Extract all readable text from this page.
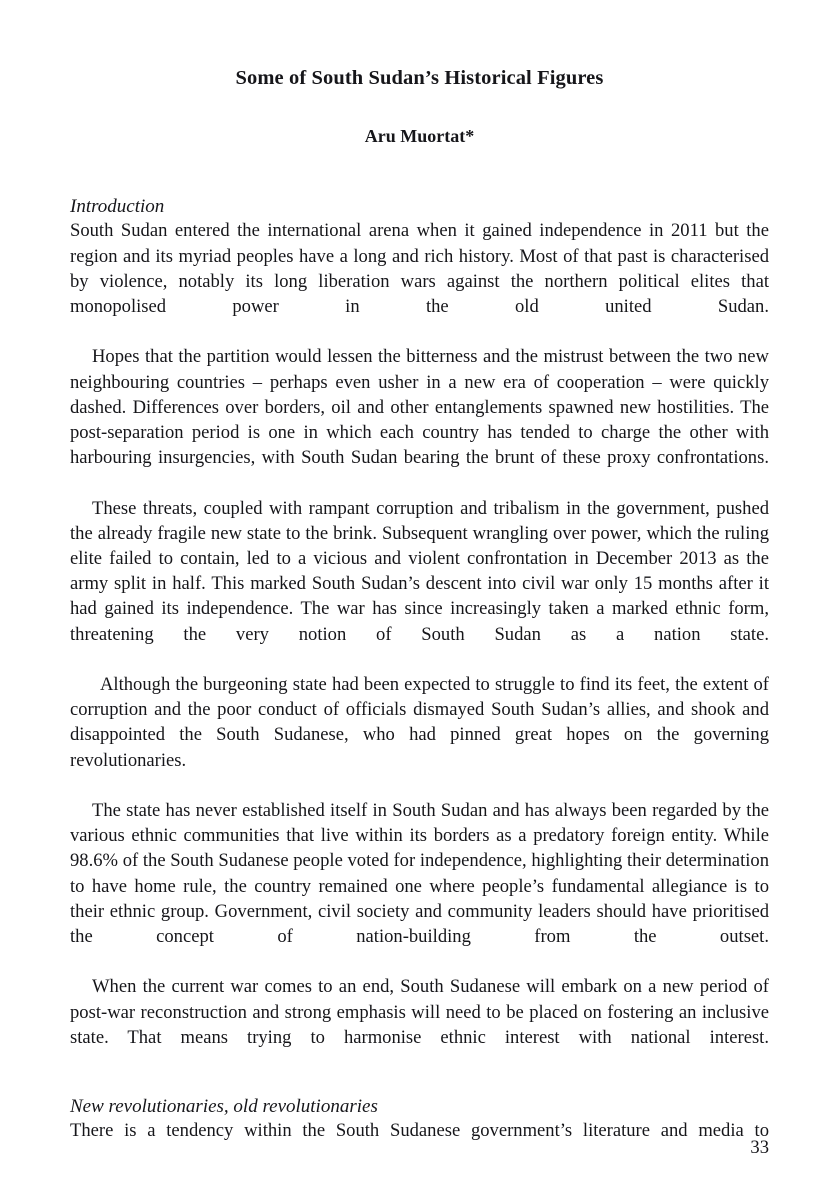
Some of South Sudan’s Historical Figures
Aru Muortat*
Introduction

South Sudan entered the international arena when it gained independence in 2011 but the region and its myriad peoples have a long and rich history. Most of that past is characterised by violence, notably its long liberation wars against the northern political elites that monopolised power in the old united Sudan.

Hopes that the partition would lessen the bitterness and the mistrust between the two new neighbouring countries – perhaps even usher in a new era of cooperation – were quickly dashed. Differences over borders, oil and other entanglements spawned new hostilities. The post-separation period is one in which each country has tended to charge the other with harbouring insurgencies, with South Sudan bearing the brunt of these proxy confrontations.

These threats, coupled with rampant corruption and tribalism in the government, pushed the already fragile new state to the brink. Subsequent wrangling over power, which the ruling elite failed to contain, led to a vicious and violent confrontation in December 2013 as the army split in half. This marked South Sudan’s descent into civil war only 15 months after it had gained its independence. The war has since increasingly taken a marked ethnic form, threatening the very notion of South Sudan as a nation state.

Although the burgeoning state had been expected to struggle to find its feet, the extent of corruption and the poor conduct of officials dismayed South Sudan’s allies, and shook and disappointed the South Sudanese, who had pinned great hopes on the governing revolutionaries.

The state has never established itself in South Sudan and has always been regarded by the various ethnic communities that live within its borders as a predatory foreign entity. While 98.6% of the South Sudanese people voted for independence, highlighting their determination to have home rule, the country remained one where people’s fundamental allegiance is to their ethnic group. Government, civil society and community leaders should have prioritised the concept of nation-building from the outset.

When the current war comes to an end, South Sudanese will embark on a new period of post-war reconstruction and strong emphasis will need to be placed on fostering an inclusive state. That means trying to harmonise ethnic interest with national interest.

New revolutionaries, old revolutionaries

There is a tendency within the South Sudanese government’s literature and media to

33
